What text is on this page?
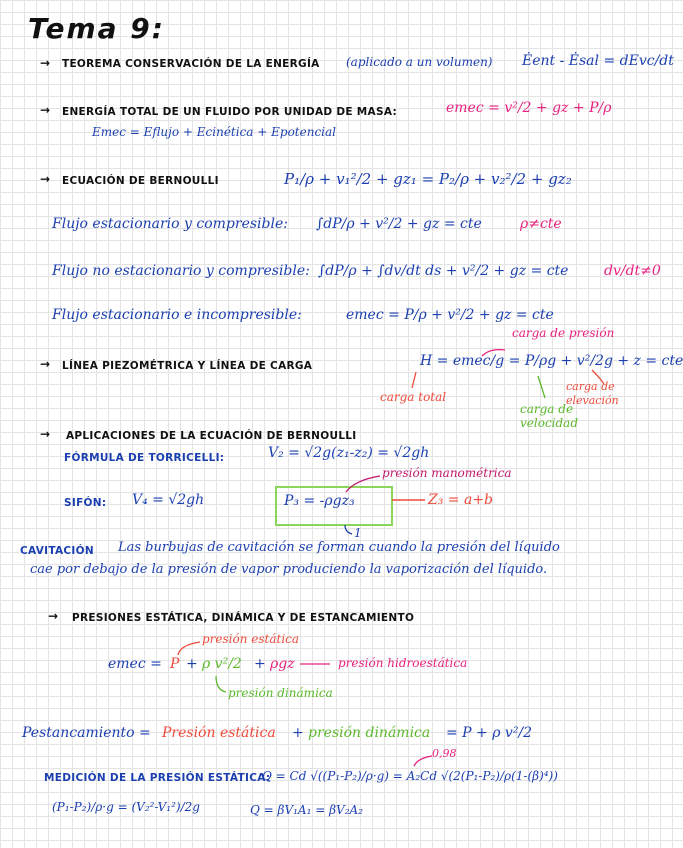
Tema 9:
→ TEOREMA CONSERVACIÓN DE LA ENERGÍA (aplicado a un volumen) Ėent - Ėsal = dEvc/dt
→ ENERGÍA TOTAL DE UN FLUIDO POR UNIDAD DE MASA:	emec = v²/2 + gz + P/ρ
Emec = Eflujo + Ecinética + Epotencial
→ ECUACIÓN DE BERNOULLI	P₁/ρ + v₁²/2 + gz₁ = P₂/ρ + v₂²/2 + gz₂
Flujo estacionario y compresible: ∫dP/ρ + v²/2 + gz = cte	ρ≠cte
Flujo no estacionario y compresible: ∫dP/ρ + ∫dv/dt ds + v²/2 + gz = cte	dv/dt≠0
Flujo estacionario e incompresible:	emec = P/ρ + v²/2 + gz = cte
carga de presión
→ LÍNEA PIEZOMÉTRICA Y LÍNEA DE CARGA	H = emec/g = P/ρg + v²/2g + z = cte
carga total
carga de velocidad
carga de elevación
→ APLICACIONES DE LA ECUACIÓN DE BERNOULLI
FÓRMULA DE TORRICELLI:	V₂ = √2g(z₁-z₂) = √2gh
presión manométrica
SIFÓN: V₄ = √2gh	P₃ = -ρgz₃	Z₃ = a+b
1
CAVITACIÓN Las burbujas de cavitación se forman cuando la presión del líquido
cae por debajo de la presión de vapor produciendo la vaporización del líquido.
→ PRESIONES ESTÁTICA, DINÁMICA Y DE ESTANCAMIENTO
presión estática
emec = P + ρ v²/2 + ρgz	presión hidroestática
presión dinámica
Pestancamiento = Presión estática + presión dinámica = P + ρ v²/2
0,98
MEDICIÓN DE LA PRESIÓN ESTÁTICA:
Q = Cd √((P₁-P₂)/ρ·g) = A₂Cd √(2(P₁-P₂)/ρ(1-(β)⁴))
(P₁-P₂)/ρ·g = (V₂²-V₁²)/2g	Q = βV₁A₁ = βV₂A₂
